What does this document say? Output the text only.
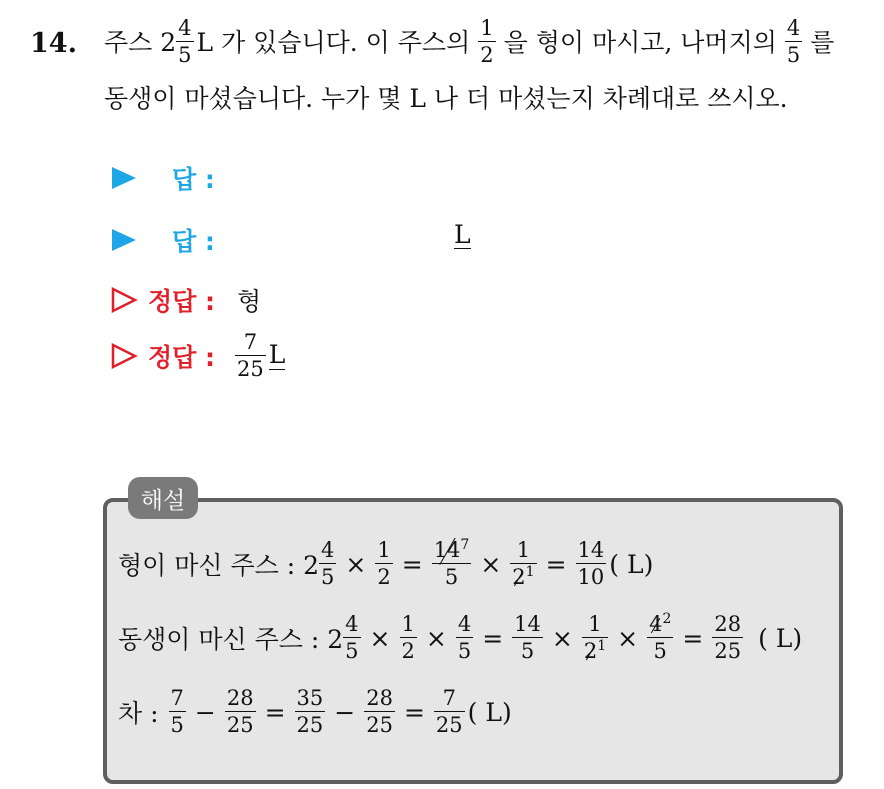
14. 주스 $2 \frac{4}{5}$ L 가 있습니다. 이 주스의 $\frac{1}{2}$ 을 형이 마시고, 나머지의 $\frac{4}{5}$ 를
동생이 마셨습니다. 누가 몇 L 나 더 마셨는지 차례대로 쓰시오.
답 :
답 :	L
정답 : 형
정답 : $\frac{7}{25}$ L
해설
형이 마신 주스 : $2 \frac{4}{5} \times \frac{1}{2} = \frac{14^7}{5} \times \frac{1}{2^1} = \frac{14}{10}$ ( L)
동생이 마신 주스 : $2 \frac{4}{5} \times \frac{1}{2} \times \frac{4}{5} = \frac{14}{5} \times \frac{1}{2^1} \times \frac{4^2}{5} = \frac{28}{25}$ ( L)
차 : $\frac{7}{5} - \frac{28}{25} = \frac{35}{25} - \frac{28}{25} = \frac{7}{25}$ ( L)
